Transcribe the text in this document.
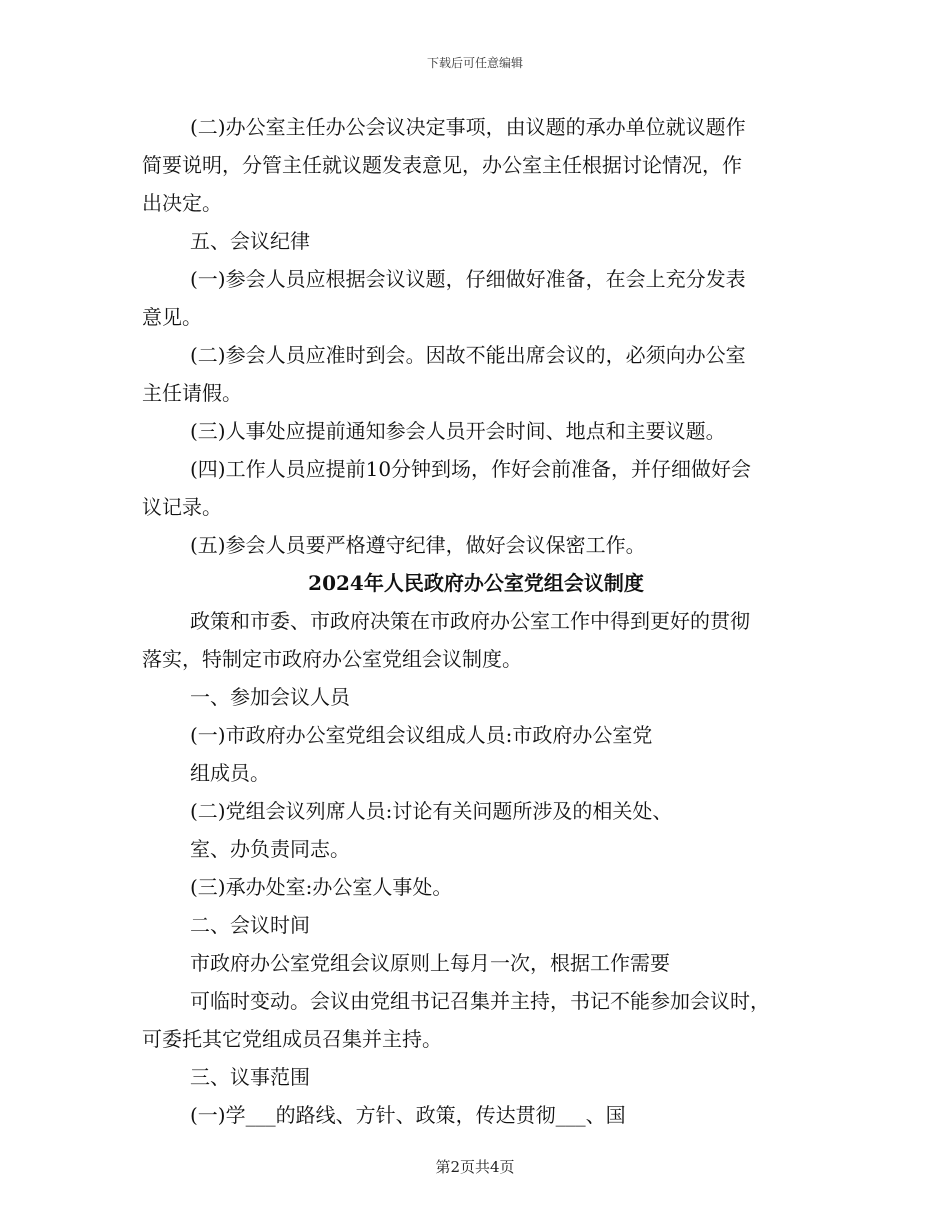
下载后可任意编辑
(二)办公室主任办公会议决定事项，由议题的承办单位就议题作
简要说明，分管主任就议题发表意见，办公室主任根据讨论情况，作
出决定。
五、会议纪律
(一)参会人员应根据会议议题，仔细做好准备，在会上充分发表
意见。
(二)参会人员应准时到会。因故不能出席会议的，必须向办公室
主任请假。
(三)人事处应提前通知参会人员开会时间、地点和主要议题。
(四)工作人员应提前10分钟到场，作好会前准备，并仔细做好会
议记录。
(五)参会人员要严格遵守纪律，做好会议保密工作。
2024年人民政府办公室党组会议制度
政策和市委、市政府决策在市政府办公室工作中得到更好的贯彻
落实，特制定市政府办公室党组会议制度。
一、参加会议人员
(一)市政府办公室党组会议组成人员:市政府办公室党
组成员。
(二)党组会议列席人员:讨论有关问题所涉及的相关处、
室、办负责同志。
(三)承办处室:办公室人事处。
二、会议时间
市政府办公室党组会议原则上每月一次，根据工作需要
可临时变动。会议由党组书记召集并主持，书记不能参加会议时，
可委托其它党组成员召集并主持。
三、议事范围
(一)学___的路线、方针、政策，传达贯彻___、国
第2页共4页
